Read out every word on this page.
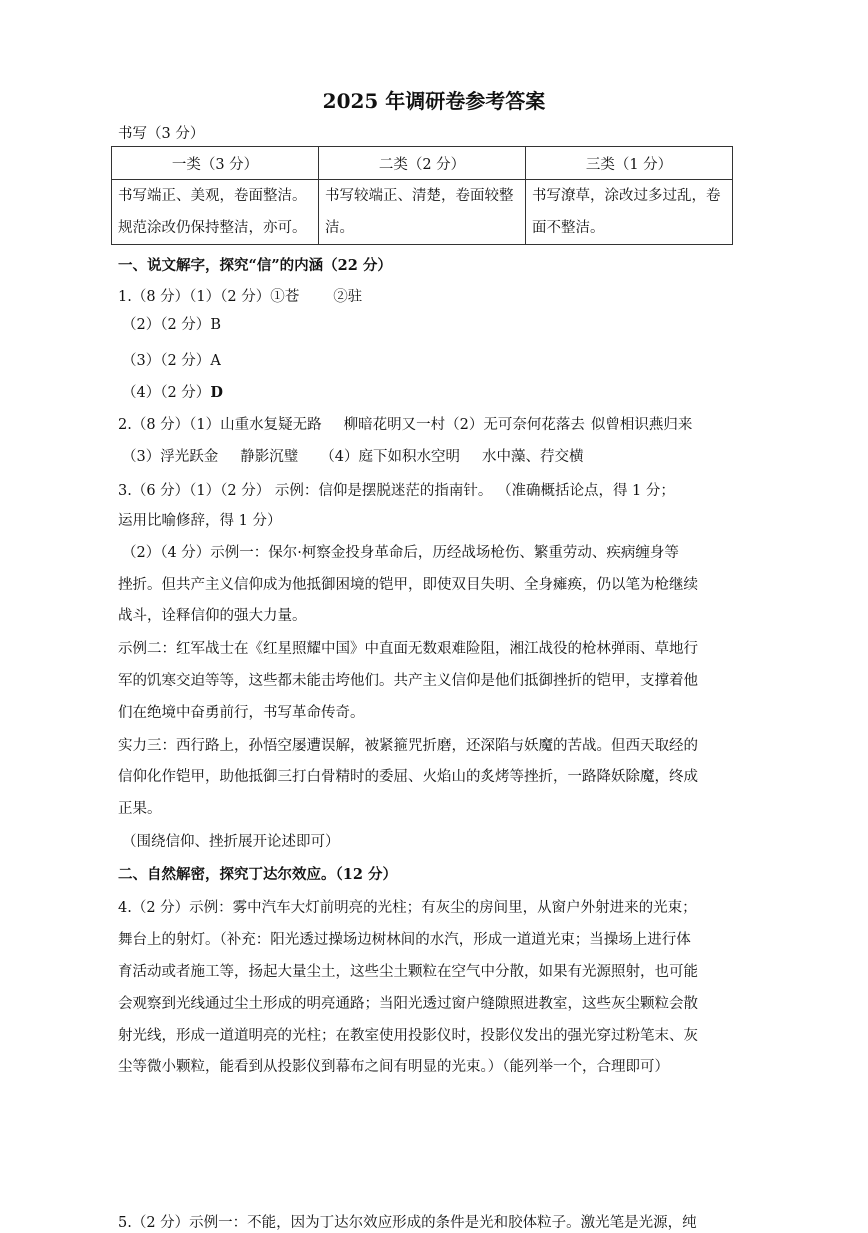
2025 年调研卷参考答案
书写（3 分）
一类（3 分）	二类（2 分）	三类（1 分）
书写端正、美观，卷面整洁。规范涂改仍保持整洁，亦可。	书写较端正、清楚，卷面较整洁。	书写潦草，涂改过多过乱，卷面不整洁。
一、说文解字，探究“信”的内涵（22 分）
1.（8 分）（1）（2 分）①苍 ②驻
（2）（2 分）B
（3）（2 分）A
（4）（2 分）D
2.（8 分）（1）山重水复疑无路 柳暗花明又一村（2）无可奈何花落去 似曾相识燕归来
（3）浮光跃金 静影沉璧 （4）庭下如积水空明 水中藻、荇交横
3.（6 分）（1）（2 分） 示例：信仰是摆脱迷茫的指南针。 （准确概括论点，得 1 分；
运用比喻修辞，得 1 分）
（2）（4 分）示例一：保尔·柯察金投身革命后，历经战场枪伤、繁重劳动、疾病缠身等
挫折。但共产主义信仰成为他抵御困境的铠甲，即使双目失明、全身瘫痪，仍以笔为枪继续
战斗，诠释信仰的强大力量。
示例二：红军战士在《红星照耀中国》中直面无数艰难险阻，湘江战役的枪林弹雨、草地行
军的饥寒交迫等等，这些都未能击垮他们。共产主义信仰是他们抵御挫折的铠甲，支撑着他
们在绝境中奋勇前行，书写革命传奇。
实力三：西行路上，孙悟空屡遭误解，被紧箍咒折磨，还深陷与妖魔的苦战。但西天取经的
信仰化作铠甲，助他抵御三打白骨精时的委屈、火焰山的炙烤等挫折，一路降妖除魔，终成
正果。
（围绕信仰、挫折展开论述即可）
二、自然解密，探究丁达尔效应。（12 分）
4.（2 分）示例：雾中汽车大灯前明亮的光柱；有灰尘的房间里，从窗户外射进来的光束；
舞台上的射灯。（补充：阳光透过操场边树林间的水汽，形成一道道光束；当操场上进行体
育活动或者施工等，扬起大量尘土，这些尘土颗粒在空气中分散，如果有光源照射，也可能
会观察到光线通过尘土形成的明亮通路；当阳光透过窗户缝隙照进教室，这些灰尘颗粒会散
射光线，形成一道道明亮的光柱；在教室使用投影仪时，投影仪发出的强光穿过粉笔末、灰
尘等微小颗粒，能看到从投影仪到幕布之间有明显的光束。）（能列举一个，合理即可）
5.（2 分）示例一：不能，因为丁达尔效应形成的条件是光和胶体粒子。激光笔是光源，纯
